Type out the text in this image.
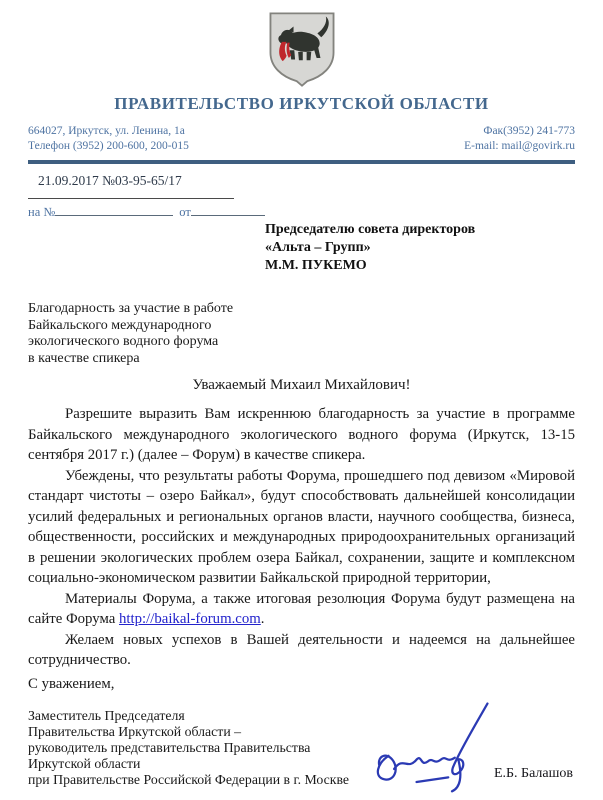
ПРАВИТЕЛЬСТВО ИРКУТСКОЙ ОБЛАСТИ
664027, Иркутск, ул. Ленина, 1а
Телефон (3952) 200-600, 200-015
Фак(3952) 241-773
E-mail: mail@govirk.ru
21.09.2017 №03-95-65/17
на №	от
Председателю совета директоров
«Альта – Групп»
М.М. ПУКЕМО
Благодарность за участие в работе
Байкальского международного
экологического водного форума
в качестве спикера
Уважаемый Михаил Михайлович!

Разрешите выразить Вам искреннюю благодарность за участие в программе Байкальского международного экологического водного форума (Иркутск, 13-15 сентября 2017 г.) (далее – Форум) в качестве спикера.

Убеждены, что результаты работы Форума, прошедшего под девизом «Мировой стандарт чистоты – озеро Байкал», будут способствовать дальнейшей консолидации усилий федеральных и региональных органов власти, научного сообщества, бизнеса, общественности, российских и международных природоохранительных организаций в решении экологических проблем озера Байкал, сохранении, защите и комплексном социально-экономическом развитии Байкальской природной территории,

Материалы Форума, а также итоговая резолюция Форума будут размещена на сайте Форума http://baikal-forum.com.

Желаем новых успехов в Вашей деятельности и надеемся на дальнейшее сотрудничество.

С уважением,
Заместитель Председателя
Правительства Иркутской области –
руководитель представительства Правительства
Иркутской области
при Правительстве Российской Федерации в г. Москве	Е.Б. Балашов
